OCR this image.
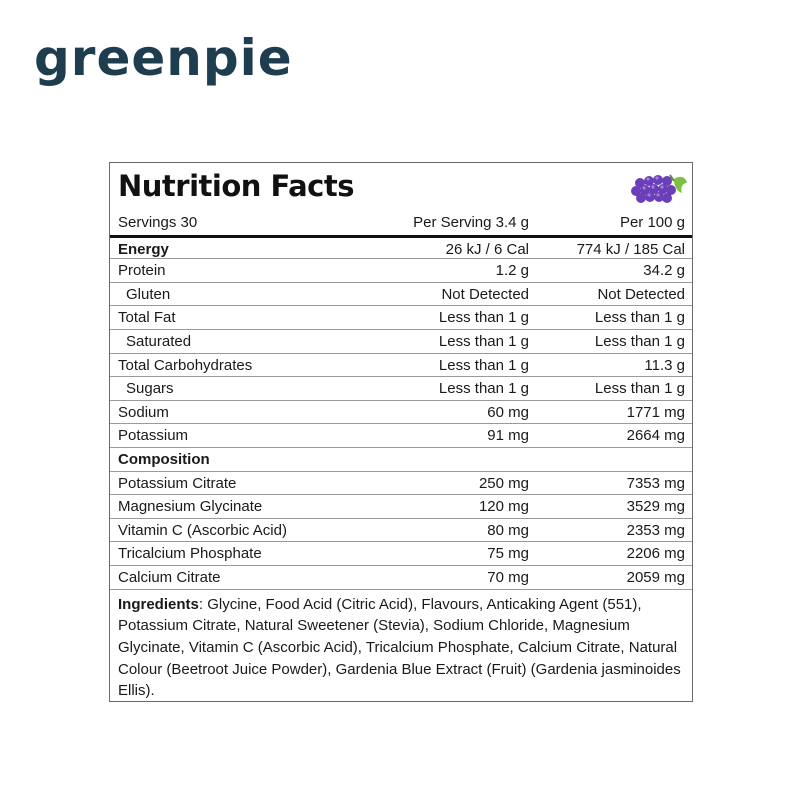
greenpie
Nutrition Facts
Servings 30	Per Serving 3.4 g	Per 100 g
Energy	26 kJ / 6 Cal	774 kJ / 185 Cal
Protein	1.2 g	34.2 g
Gluten	Not Detected	Not Detected
Total Fat	Less than 1 g	Less than 1 g
Saturated	Less than 1 g	Less than 1 g
Total Carbohydrates	Less than 1 g	11.3 g
Sugars	Less than 1 g	Less than 1 g
Sodium	60 mg	1771 mg
Potassium	91 mg	2664 mg
Composition
Potassium Citrate	250 mg	7353 mg
Magnesium Glycinate	120 mg	3529 mg
Vitamin C (Ascorbic Acid)	80 mg	2353 mg
Tricalcium Phosphate	75 mg	2206 mg
Calcium Citrate	70 mg	2059 mg
Ingredients: Glycine, Food Acid (Citric Acid), Flavours, Anticaking Agent (551), Potassium Citrate, Natural Sweetener (Stevia), Sodium Chloride, Magnesium Glycinate, Vitamin C (Ascorbic Acid), Tricalcium Phosphate, Calcium Citrate, Natural Colour (Beetroot Juice Powder), Gardenia Blue Extract (Fruit) (Gardenia jasminoides Ellis).
